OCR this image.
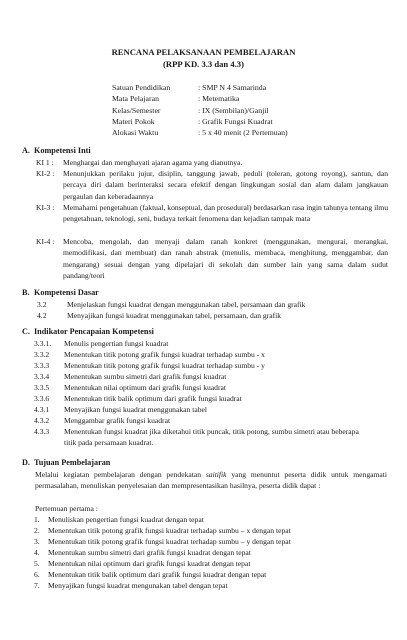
RENCANA PELAKSANAAN PEMBELAJARAN
(RPP KD. 3.3 dan 4.3)
Satuan Pendidikan	: SMP N 4 Samarinda
Mata Pelajaran	: Metematika
Kelas/Semester	: IX (Sembilan)/Ganjil
Materi Pokok	: Grafik Fungsi Kuadrat
Alokasi Waktu	: 5 x 40 menit (2 Pertemuan)
A. Kompetensi Inti
KI 1 : Menghargai dan menghayati ajaran agama yang dianutnya.
KI-2 : Menunjukkan perilaku jujur, disiplin, tanggung jawab, peduli (toleran, gotong royong), santun, dan percaya diri dalam berinteraksi secara efektif dengan lingkungan sosial dan alam dalam jangkauan pergaulan dan keberadaannya
KI-3 : Memahami pengetahuan (faktual, konseptual, dan prosedural) berdasarkan rasa ingin tahunya tentang ilmu pengetahuan, teknologi, seni, budaya terkait fenomena dan kejadian tampak mata
KI-4 : Mencoba, mengolah, dan menyaji dalam ranah konkret (menggunakan, mengurai, merangkai, memodifikasi, dan membuat) dan ranah abstrak (menulis, membaca, menghitung, menggambar, dan mengarang) sesuai dengan yang dipelajari di sekolah dan sumber lain yang sama dalam sudut pandang/teori
B. Kompetensi Dasar
3.2	Menjelaskan fungsi kuadrat dengan menggunakan tabel, persamaan dan grafik
4.2	Menyajikan fungsi kuadrat menggunakan tabel, persamaan, dan grafik
C. Indikator Pencapaian Kompetensi
3.3.1. Menulis pengertian fungsi kuadrat
3.3.2 Menentukan titik potong grafik fungsi kuadrat terhadap sumbu - x
3.3.3 Menentukan titik potong grafik fungsi kuadrat terhadap sumbu - y
3.3.4 Menentukan sumbu simetri dari grafik fungsi kuadrat
3.3.5 Menentukan nilai optimum dari grafik fungsi kuadrat
3.3.6 Menentukan titik balik optimum dari grafik fungsi kuadrat
4.3.1 Menyajikan fungsi kuadrat menggunakan tabel
4.3.2 Menggambar grafik fungsi kuadrat
4.3.3 Menentukan fungsi kuadrat jika diketahui titik puncak, titik potong, sumbu simetri atau beberapa titik pada persamaan kuadrat.
D. Tujuan Pembelajaran
Melalui kegiatan pembelajaran dengan pendekatan saitifik yang menuntut peserta didik untuk mengamati permasalahan, menuliskan penyelesaian dan mempresentasikan hasilnya, peserta didik dapat :
Pertemuan pertama :
1. Menuliskan pengertian fungsi kuadrat dengan tepat
2. Menentukan titik potong grafik fungsi kuadrat terhadap sumbu – x dengan tepat
3. Menentukan titik potong grafik fungsi kuadrat terhadap sumbu – y dengan tepat
4. Menentukan sumbu simetri dari grafik fungsi kuadrat dengan tepat
5. Menentukan nilai optimum dari grafik fungsi kuadrat dengan tepat
6. Menentukan titik balik optimum dari grafik fungsi kuadrat dengan tepat
7. Menyajikan fungsi kuadrat mengunakan tabel dengan tepat
